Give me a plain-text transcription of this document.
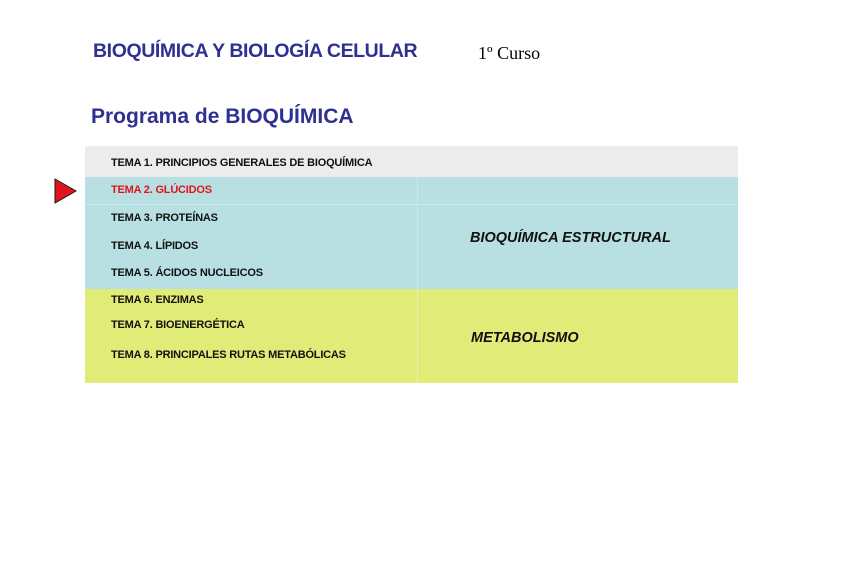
BIOQUÍMICA Y BIOLOGÍA CELULAR	1º Curso
Programa de BIOQUÍMICA
TEMA 1. PRINCIPIOS GENERALES DE BIOQUÍMICA
TEMA 2. GLÚCIDOS
TEMA 3. PROTEÍNAS
TEMA 4. LÍPIDOS
TEMA 5. ÁCIDOS NUCLEICOS
TEMA 6. ENZIMAS
TEMA 7. BIOENERGÉTICA
TEMA 8. PRINCIPALES RUTAS METABÓLICAS
BIOQUÍMICA ESTRUCTURAL
METABOLISMO
